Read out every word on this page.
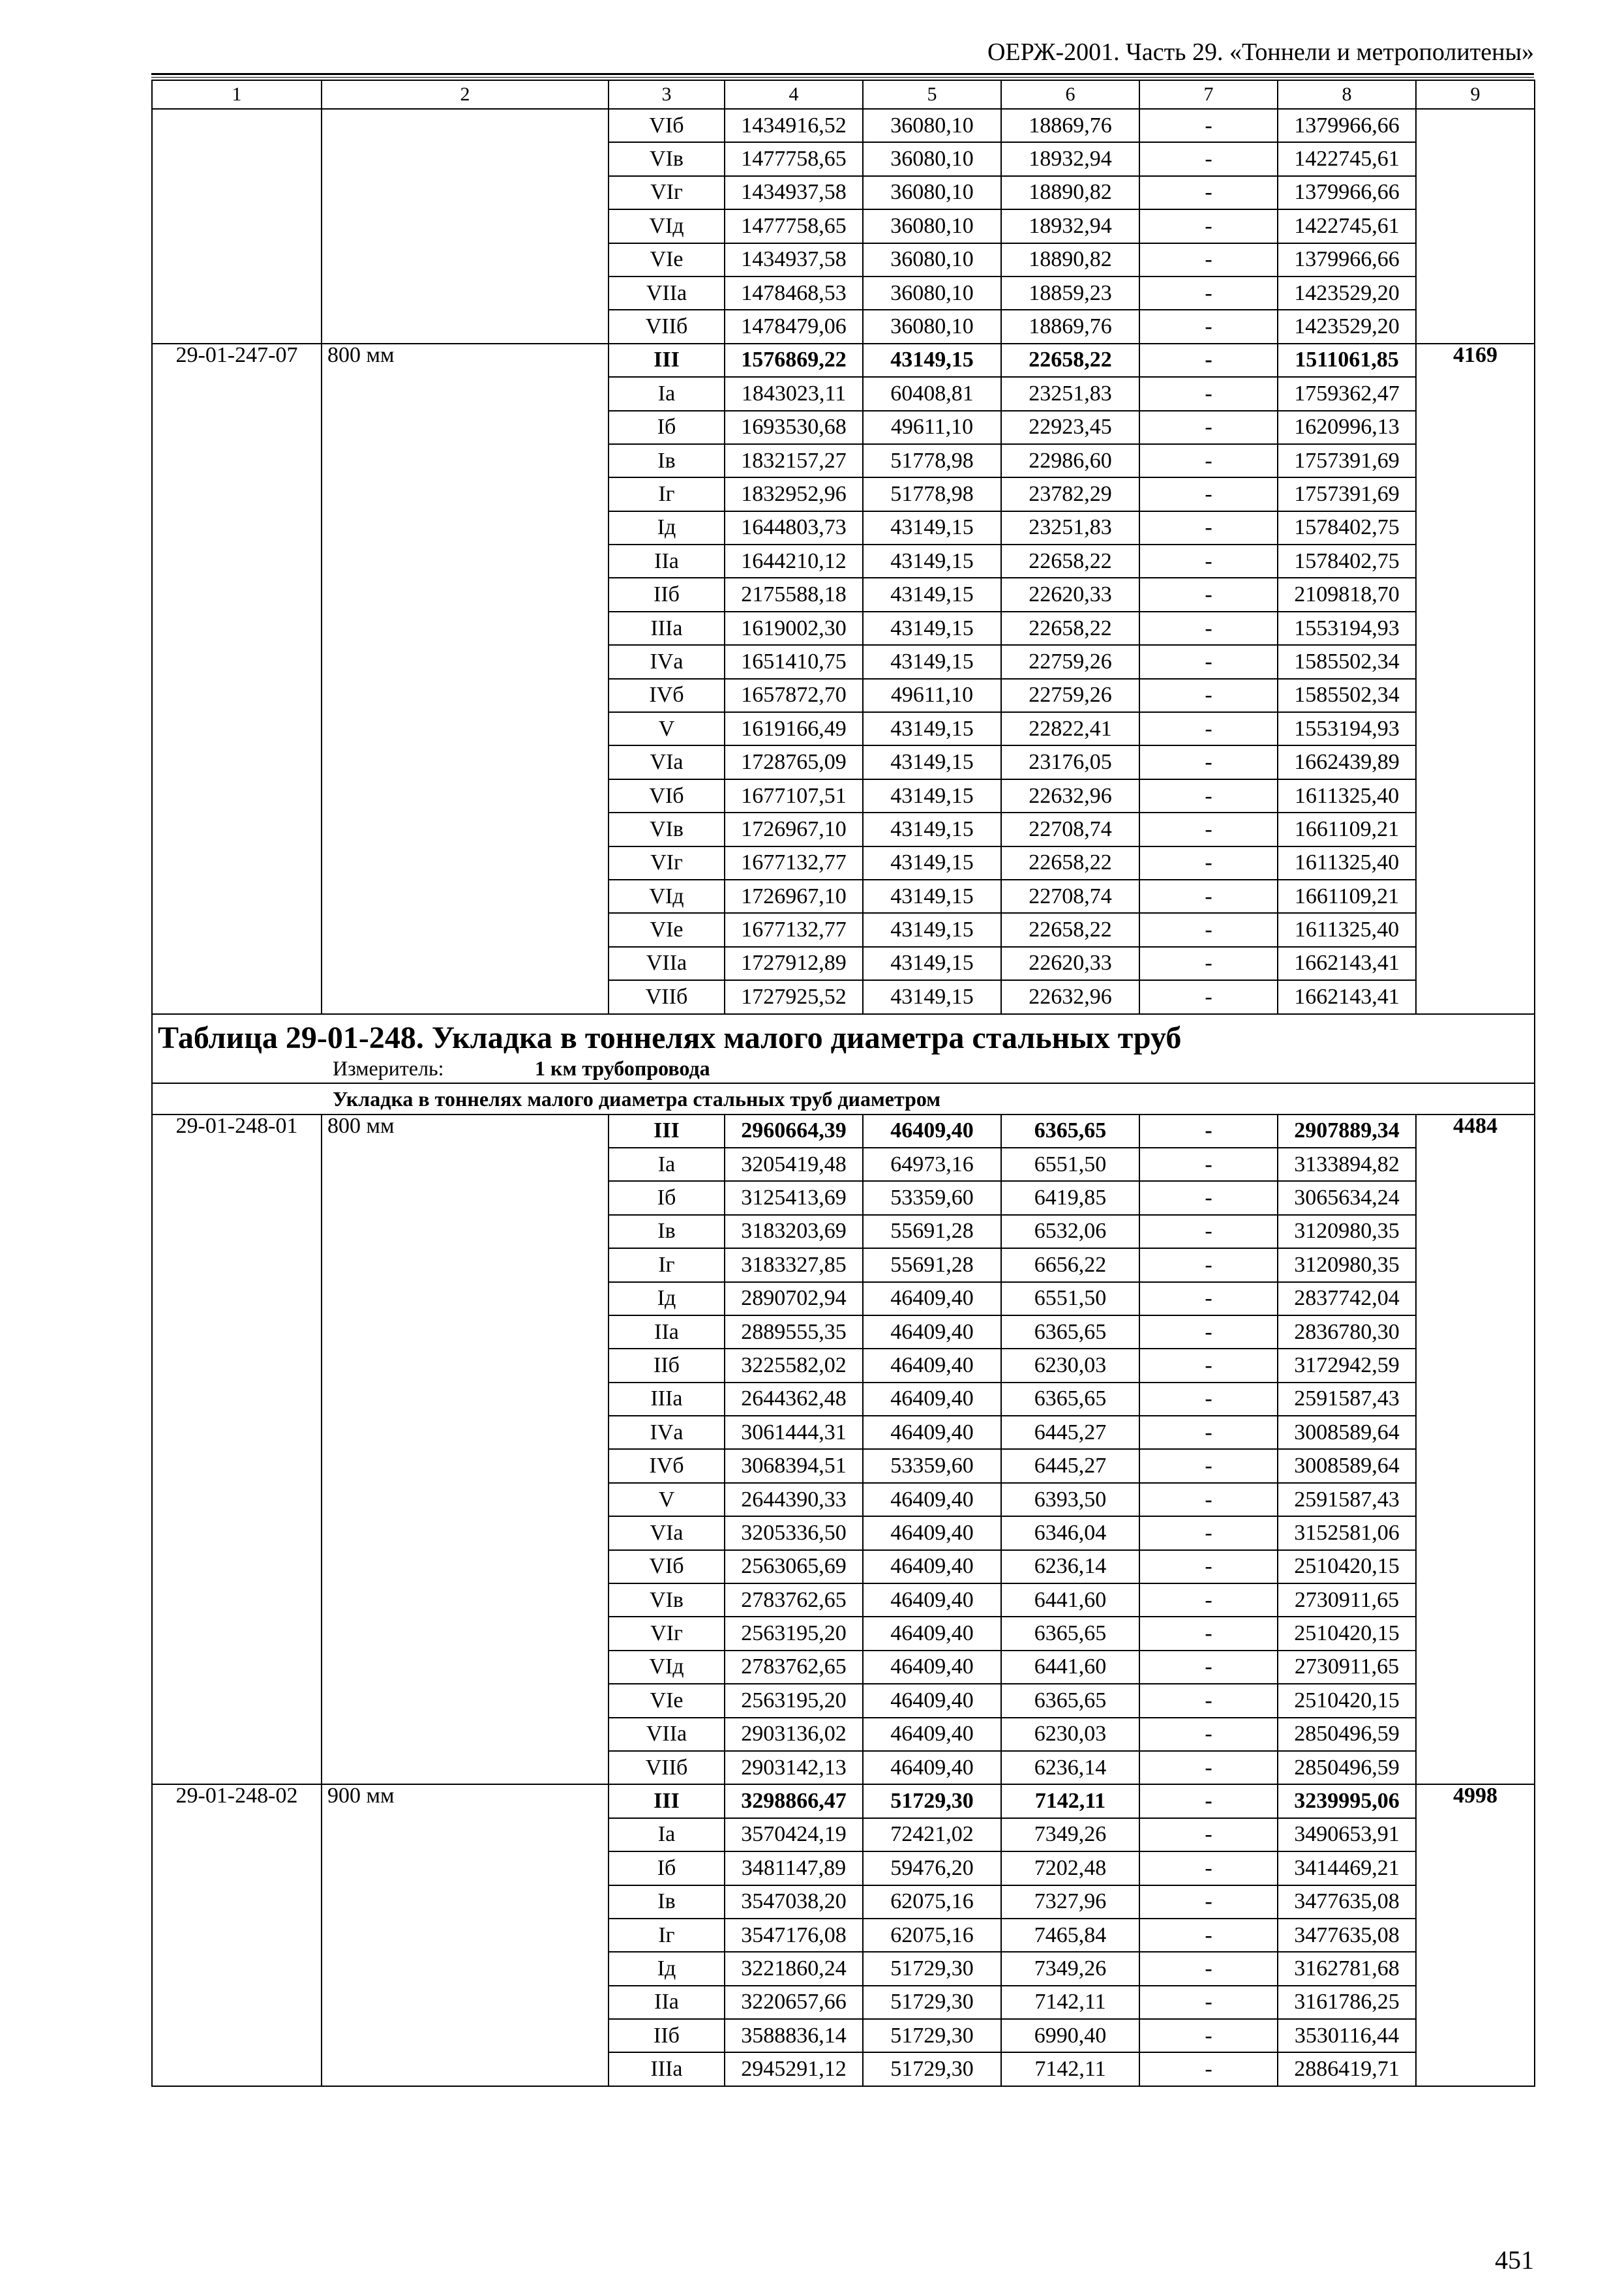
ОЕРЖ-2001. Часть 29. «Тоннели и метрополитены»
1	2	3	4	5	6	7	8	9
		VIб	1434916,52	36080,10	18869,76	-	1379966,66	
		VIв	1477758,65	36080,10	18932,94	-	1422745,61	
		VIг	1434937,58	36080,10	18890,82	-	1379966,66	
		VIд	1477758,65	36080,10	18932,94	-	1422745,61	
		VIе	1434937,58	36080,10	18890,82	-	1379966,66	
		VIIа	1478468,53	36080,10	18859,23	-	1423529,20	
		VIIб	1478479,06	36080,10	18869,76	-	1423529,20	
29-01-247-07	800 мм	III	1576869,22	43149,15	22658,22	-	1511061,85	4169
		Iа	1843023,11	60408,81	23251,83	-	1759362,47	
		Iб	1693530,68	49611,10	22923,45	-	1620996,13	
		Iв	1832157,27	51778,98	22986,60	-	1757391,69	
		Iг	1832952,96	51778,98	23782,29	-	1757391,69	
		Iд	1644803,73	43149,15	23251,83	-	1578402,75	
		IIа	1644210,12	43149,15	22658,22	-	1578402,75	
		IIб	2175588,18	43149,15	22620,33	-	2109818,70	
		IIIа	1619002,30	43149,15	22658,22	-	1553194,93	
		IVа	1651410,75	43149,15	22759,26	-	1585502,34	
		IVб	1657872,70	49611,10	22759,26	-	1585502,34	
		V	1619166,49	43149,15	22822,41	-	1553194,93	
		VIа	1728765,09	43149,15	23176,05	-	1662439,89	
		VIб	1677107,51	43149,15	22632,96	-	1611325,40	
		VIв	1726967,10	43149,15	22708,74	-	1661109,21	
		VIг	1677132,77	43149,15	22658,22	-	1611325,40	
		VIд	1726967,10	43149,15	22708,74	-	1661109,21	
		VIе	1677132,77	43149,15	22658,22	-	1611325,40	
		VIIа	1727912,89	43149,15	22620,33	-	1662143,41	
		VIIб	1727925,52	43149,15	22632,96	-	1662143,41	

Таблица 29-01-248. Укладка в тоннелях малого диаметра стальных труб
Измеритель: 1 км трубопровода								

Укладка в тоннелях малого диаметра стальных труб диаметром								
29-01-248-01	800 мм	III	2960664,39	46409,40	6365,65	-	2907889,34	4484
		Iа	3205419,48	64973,16	6551,50	-	3133894,82	
		Iб	3125413,69	53359,60	6419,85	-	3065634,24	
		Iв	3183203,69	55691,28	6532,06	-	3120980,35	
		Iг	3183327,85	55691,28	6656,22	-	3120980,35	
		Iд	2890702,94	46409,40	6551,50	-	2837742,04	
		IIа	2889555,35	46409,40	6365,65	-	2836780,30	
		IIб	3225582,02	46409,40	6230,03	-	3172942,59	
		IIIа	2644362,48	46409,40	6365,65	-	2591587,43	
		IVа	3061444,31	46409,40	6445,27	-	3008589,64	
		IVб	3068394,51	53359,60	6445,27	-	3008589,64	
		V	2644390,33	46409,40	6393,50	-	2591587,43	
		VIа	3205336,50	46409,40	6346,04	-	3152581,06	
		VIб	2563065,69	46409,40	6236,14	-	2510420,15	
		VIв	2783762,65	46409,40	6441,60	-	2730911,65	
		VIг	2563195,20	46409,40	6365,65	-	2510420,15	
		VIд	2783762,65	46409,40	6441,60	-	2730911,65	
		VIе	2563195,20	46409,40	6365,65	-	2510420,15	
		VIIа	2903136,02	46409,40	6230,03	-	2850496,59	
		VIIб	2903142,13	46409,40	6236,14	-	2850496,59	
29-01-248-02	900 мм	III	3298866,47	51729,30	7142,11	-	3239995,06	4998
		Iа	3570424,19	72421,02	7349,26	-	3490653,91	
		Iб	3481147,89	59476,20	7202,48	-	3414469,21	
		Iв	3547038,20	62075,16	7327,96	-	3477635,08	
		Iг	3547176,08	62075,16	7465,84	-	3477635,08	
		Iд	3221860,24	51729,30	7349,26	-	3162781,68	
		IIа	3220657,66	51729,30	7142,11	-	3161786,25	
		IIб	3588836,14	51729,30	6990,40	-	3530116,44	
		IIIа	2945291,12	51729,30	7142,11	-	2886419,71	
451
